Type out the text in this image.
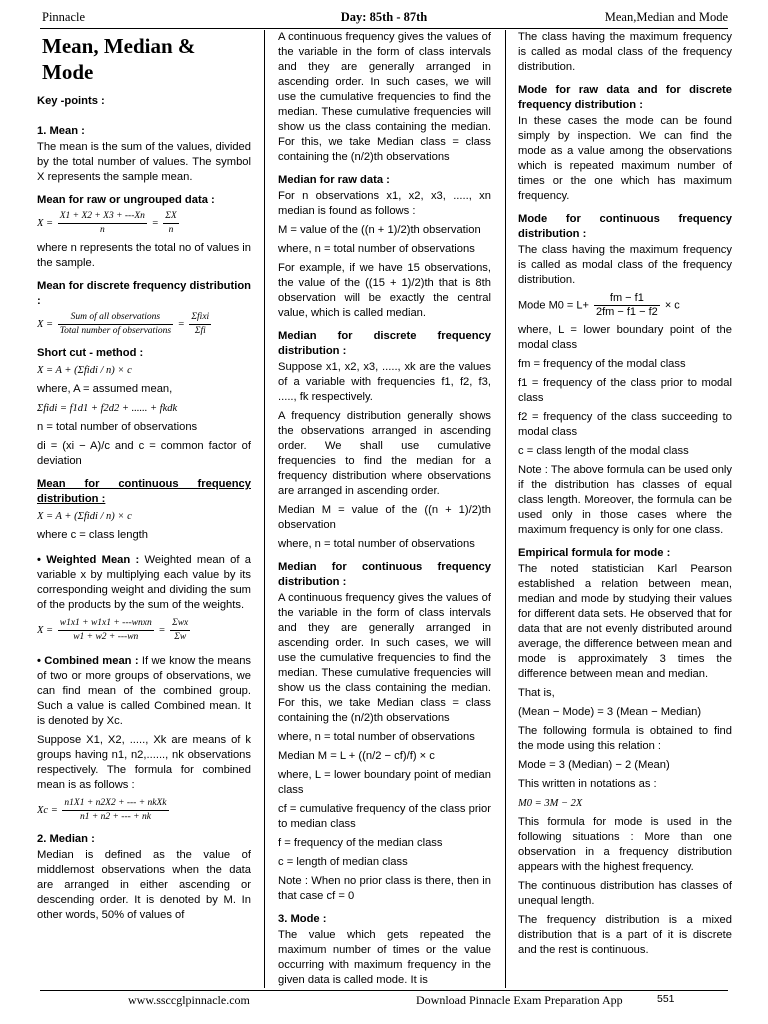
Pinnacle	Day: 85th - 87th	Mean,Median and Mode
Mean, Median & Mode

Key -points :

1. Mean :

The mean is the sum of the values, divided by the total number of values. The symbol X represents the sample mean.

Mean for raw or ungrouped data :

$X = \frac{X1 + X2 + X3 + ---Xn}{n} = \frac{\Sigma X}{n}$

where n represents the total no of values in the sample.

Mean for discrete frequency distribution :

$X = \frac{\text{Sum of all observations}}{\text{Total number of observations}} = \frac{\text{Σfixi}}{\text{Σfi}}$

Short cut - method :

X = A + (Σfidi / n) × c

where, A = assumed mean,

Σfidi = f1d1 + f2d2 + ...... + fkdk

n = total number of observations

di = (xi − A)/c and c = common factor of deviation

Mean for continuous frequency distribution :

X = A + (Σfidi / n) × c

where c = class length

• Weighted Mean : Weighted mean of a variable x by multiplying each value by its corresponding weight and dividing the sum of the products by the sum of the weights.

$X = \frac{\text{w1x1 + w1x1 + ---wnxn}}{w1 + w2 + ---wn} = \frac{\text{Σwx}}{\Sigma w}$

• Combined mean : If we know the means of two or more groups of observations, we can find mean of the combined group. Such a value is called Combined mean. It is denoted by Xc.

Suppose X1, X2, ....., Xk are means of k groups having n1, n2,......, nk observations respectively. The formula for combined mean is as follows :

$Xc = \frac{\text{n1X1 + n2X2 + --- + nkXk}}{n1 + n2 + --- + nk}$

2. Median :

Median is defined as the value of middlemost observations when the data are arranged in either ascending or descending order. It is denoted by M. In other words, 50% of values of

A continuous frequency gives the values of the variable in the form of class intervals and they are generally arranged in ascending order. In such cases, we will use the cumulative frequencies to find the median. These cumulative frequencies will show us the class containing the median. For this, we take Median class = class containing the (n/2)th observations

Median for raw data :

For n observations x1, x2, x3, ....., xn median is found as follows :

M = value of the ((n + 1)/2)th observation

where, n = total number of observations

For example, if we have 15 observations, the value of the ((15 + 1)/2)th that is 8th observation will be exactly the central value, which is called median.

Median for discrete frequency distribution :

Suppose x1, x2, x3, ....., xk are the values of a variable with frequencies f1, f2, f3, ....., fk respectively.

A frequency distribution generally shows the observations arranged in ascending order. We shall use cumulative frequencies to find the median for a frequency distribution where observations are arranged in ascending order.

Median M = value of the ((n + 1)/2)th observation

where, n = total number of observations

Median for continuous frequency distribution :

A continuous frequency gives the values of the variable in the form of class intervals and they are generally arranged in ascending order. In such cases, we will use the cumulative frequencies to find the median. These cumulative frequencies will show us the class containing the median. For this, we take Median class = class containing the (n/2)th observations

where, n = total number of observations

Median M = L + ((n/2 − cf)/f) × c

where, L = lower boundary point of median class

cf = cumulative frequency of the class prior to median class

f = frequency of the median class

c = length of median class

Note : When no prior class is there, then in that case cf = 0

3. Mode :

The value which gets repeated the maximum number of times or the value occurring with maximum frequency in the given data is called mode. It is

The class having the maximum frequency is called as modal class of the frequency distribution.

Mode for raw data and for discrete frequency distribution :

In these cases the mode can be found simply by inspection. We can find the mode as a value among the observations which is repeated maximum number of times or the one which has maximum frequency.

Mode for continuous frequency distribution :

The class having the maximum frequency is called as modal class of the frequency distribution.

Mode $M0 = L+ \frac{fm - f1}{2fm - f1 - f2} \times c$

where, L = lower boundary point of the modal class

fm = frequency of the modal class

f1 = frequency of the class prior to modal class

f2 = frequency of the class succeeding to modal class

c = class length of the modal class

Note : The above formula can be used only if the distribution has classes of equal class length. Moreover, the formula can be used only in those cases where the maximum frequency is only for one class.

Empirical formula for mode :

The noted statistician Karl Pearson established a relation between mean, median and mode by studying their values for different data sets. He observed that for data that are not evenly distributed around average, the difference between mean and mode is approximately 3 times the difference between mean and median.

That is,

(Mean − Mode) = 3 (Mean − Median)

The following formula is obtained to find the mode using this relation :

Mode = 3 (Median) − 2 (Mean)

This written in notations as :

M0 = 3M − 2X

This formula for mode is used in the following situations : More than one observation in a frequency distribution appears with the highest frequency.

The continuous distribution has classes of unequal length.

The frequency distribution is a mixed distribution that is a part of it is discrete and the rest is continuous.

www.ssccglpinnacle.com	Download Pinnacle Exam Preparation App	551
